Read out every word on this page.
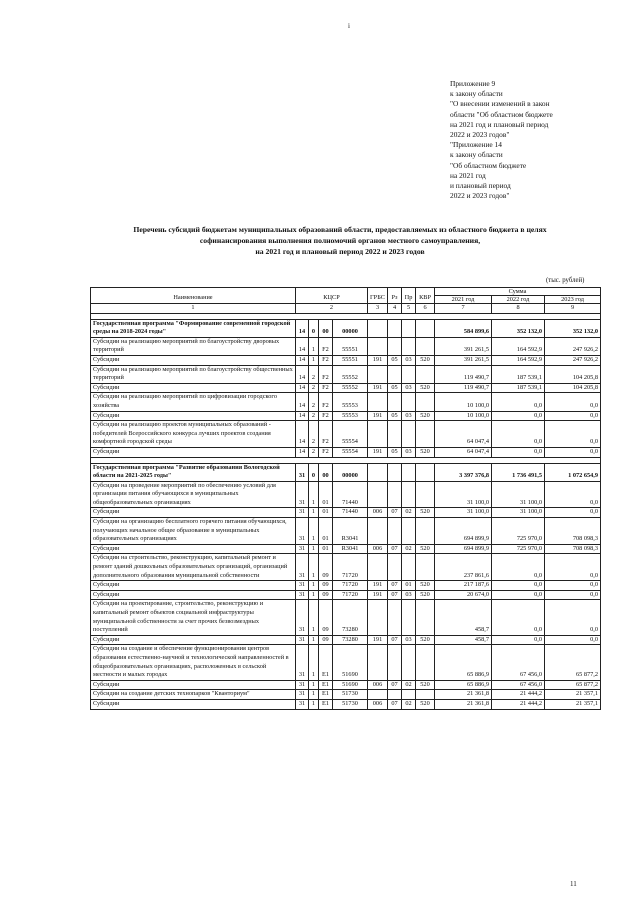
i
Приложение 9
к закону области
"О внесении изменений в закон
области "Об областном бюджете
на 2021 год и плановый период
2022 и 2023 годов"
"Приложение 14
к закону области
"Об областном бюджете
на 2021 год
и плановый период
2022 и 2023 годов"
Перечень субсидий бюджетам муниципальных образований области, предоставляемых из областного бюджета в целях
софинансирования выполнения полномочий органов местного самоуправления,
на 2021 год и плановый период 2022 и 2023 годов
(тыс. рублей)
Наименование	КЦСР				ГРБС	Рз	Пр	КВР	Сумма		
									2021 год	2022 год	2023 год
1	2				3	4	5	6	7	8	9

Государственная программа "Формирование современной городской среды на 2018-2024 годы"	14	0	00	00000					584 899,6	352 132,0	352 132,0
Субсидии на реализацию мероприятий по благоустройству дворовых территорий	14	1	F2	55551					391 261,5	164 592,9	247 926,2
Субсидии	14	1	F2	55551	191	05	03	520	391 261,5	164 592,9	247 926,2
Субсидии на реализацию мероприятий по благоустройству общественных территорий	14	2	F2	55552					119 490,7	187 539,1	104 205,8
Субсидии	14	2	F2	55552	191	05	03	520	119 490,7	187 539,1	104 205,8
Субсидии на реализацию мероприятий по цифровизации городского хозяйства	14	2	F2	55553					10 100,0	0,0	0,0
Субсидии	14	2	F2	55553	191	05	03	520	10 100,0	0,0	0,0
Субсидии на реализацию проектов муниципальных образований - победителей Всероссийского конкурса лучших проектов создания комфортной городской среды	14	2	F2	55554					64 047,4	0,0	0,0
Субсидии	14	2	F2	55554	191	05	03	520	64 047,4	0,0	0,0

Государственная программа "Развитие образования Вологодской области на 2021-2025 годы"	31	0	00	00000					3 397 376,8	1 736 491,5	1 072 654,9
Субсидии на проведение мероприятий по обеспечению условий для организации питания обучающихся в муниципальных общеобразовательных организациях	31	1	01	71440					31 100,0	31 100,0	0,0
Субсидии	31	1	01	71440	006	07	02	520	31 100,0	31 100,0	0,0
Субсидии на организацию бесплатного горячего питания обучающихся, получающих начальное общее образование в муниципальных образовательных организациях	31	1	01	R3041					694 899,9	725 970,0	708 098,3
Субсидии	31	1	01	R3041	006	07	02	520	694 899,9	725 970,0	708 098,3
Субсидии на строительство, реконструкцию, капитальный ремонт и ремонт зданий дошкольных образовательных организаций, организаций дополнительного образования муниципальной собственности	31	1	09	71720					237 861,6	0,0	0,0
Субсидии	31	1	09	71720	191	07	01	520	217 187,6	0,0	0,0
Субсидии	31	1	09	71720	191	07	03	520	20 674,0	0,0	0,0
Субсидии на проектирование, строительство, реконструкцию и капитальный ремонт объектов социальной инфраструктуры муниципальной собственности за счет прочих безвозмездных поступлений	31	1	09	73280					458,7	0,0	0,0
Субсидии	31	1	09	73280	191	07	03	520	458,7	0,0	0,0
Субсидии на создание и обеспечение функционирования центров образования естественно-научной и технологической направленностей в общеобразовательных организациях, расположенных в сельской местности и малых городах	31	1	E1	51690					65 886,9	67 456,0	65 877,2
Субсидии	31	1	E1	51690	006	07	02	520	65 886,9	67 456,0	65 877,2
Субсидии на создание детских технопарков "Кванториум"	31	1	E1	51730					21 361,8	21 444,2	21 357,1
Субсидии	31	1	E1	51730	006	07	02	520	21 361,8	21 444,2	21 357,1
11
